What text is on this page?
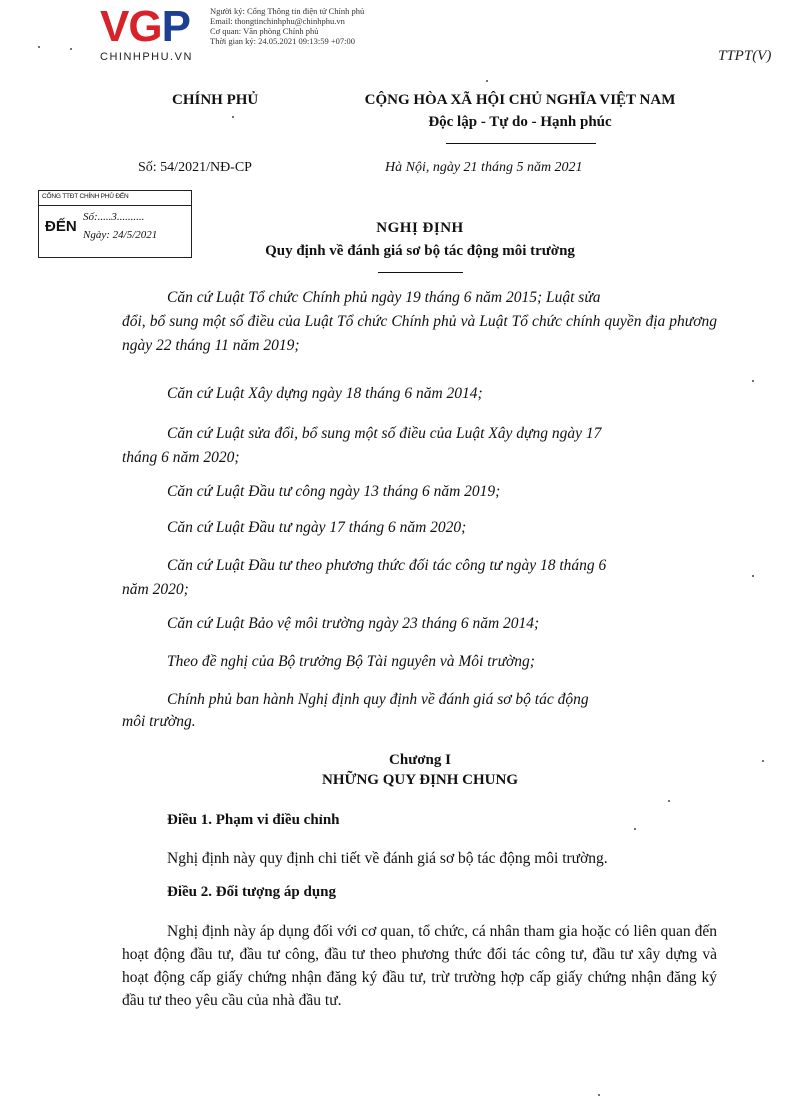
VGP
CHINHPHU.VN
Người ký: Cổng Thông tin điện tử Chính phủ
Email: thongtinchinhphu@chinhphu.vn
Cơ quan: Văn phòng Chính phủ
Thời gian ký: 24.05.2021 09:13:59 +07:00
TTPT(V)
CHÍNH PHỦ	CỘNG HÒA XÃ HỘI CHỦ NGHĨA VIỆT NAM
Độc lập - Tự do - Hạnh phúc
Số: 54/2021/NĐ-CP	Hà Nội, ngày 21 tháng 5 năm 2021
CỔNG TTĐT CHÍNH PHỦ ĐẾN
ĐẾN
Số:.....3..........
Ngày: 24/5/2021	NGHỊ ĐỊNH
Quy định về đánh giá sơ bộ tác động môi trường
Căn cứ Luật Tổ chức Chính phủ ngày 19 tháng 6 năm 2015; Luật sửa
đổi, bổ sung một số điều của Luật Tổ chức Chính phủ và Luật Tổ chức chính quyền địa phương ngày 22 tháng 11 năm 2019;
Căn cứ Luật Xây dựng ngày 18 tháng 6 năm 2014;
Căn cứ Luật sửa đổi, bổ sung một số điều của Luật Xây dựng ngày 17
tháng 6 năm 2020;
Căn cứ Luật Đầu tư công ngày 13 tháng 6 năm 2019;
Căn cứ Luật Đầu tư ngày 17 tháng 6 năm 2020;
Căn cứ Luật Đầu tư theo phương thức đối tác công tư ngày 18 tháng 6
năm 2020;
Căn cứ Luật Bảo vệ môi trường ngày 23 tháng 6 năm 2014;
Theo đề nghị của Bộ trưởng Bộ Tài nguyên và Môi trường;
Chính phủ ban hành Nghị định quy định về đánh giá sơ bộ tác động
môi trường.
Chương I
NHỮNG QUY ĐỊNH CHUNG
Điều 1. Phạm vi điều chỉnh
Nghị định này quy định chi tiết về đánh giá sơ bộ tác động môi trường.
Điều 2. Đối tượng áp dụng
Nghị định này áp dụng đối với cơ quan, tổ chức, cá nhân tham gia hoặc có liên quan đến hoạt động đầu tư, đầu tư công, đầu tư theo phương thức đối tác công tư, đầu tư xây dựng và hoạt động cấp giấy chứng nhận đăng ký đầu tư, trừ trường hợp cấp giấy chứng nhận đăng ký đầu tư theo yêu cầu của nhà đầu tư.
